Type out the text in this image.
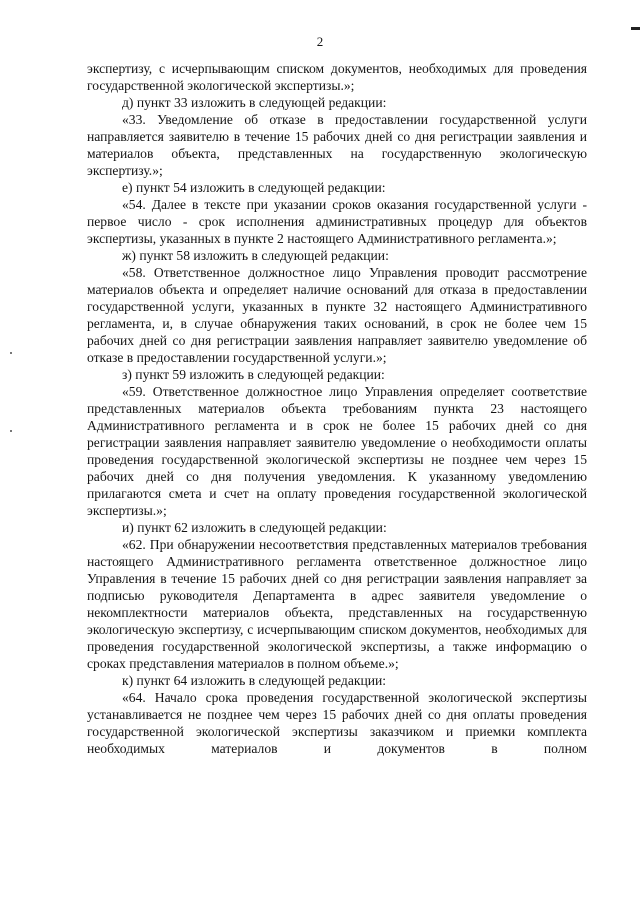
2

экспертизу, с исчерпывающим списком документов, необходимых для проведения государственной экологической экспертизы.»;

д) пункт 33 изложить в следующей редакции:

«33. Уведомление об отказе в предоставлении государственной услуги направляется заявителю в течение 15 рабочих дней со дня регистрации заявления и материалов объекта, представленных на государственную экологическую экспертизу.»;

е) пункт 54 изложить в следующей редакции:

«54. Далее в тексте при указании сроков оказания государственной услуги - первое число - срок исполнения административных процедур для объектов экспертизы, указанных в пункте 2 настоящего Административного регламента.»;

ж) пункт 58 изложить в следующей редакции:

«58. Ответственное должностное лицо Управления проводит рассмотрение материалов объекта и определяет наличие оснований для отказа в предоставлении государственной услуги, указанных в пункте 32 настоящего Административного регламента, и, в случае обнаружения таких оснований, в срок не более чем 15 рабочих дней со дня регистрации заявления направляет заявителю уведомление об отказе в предоставлении государственной услуги.»;

з) пункт 59 изложить в следующей редакции:

«59. Ответственное должностное лицо Управления определяет соответствие представленных материалов объекта требованиям пункта 23 настоящего Административного регламента и в срок не более 15 рабочих дней со дня регистрации заявления направляет заявителю уведомление о необходимости оплаты проведения государственной экологической экспертизы не позднее чем через 15 рабочих дней со дня получения уведомления. К указанному уведомлению прилагаются смета и счет на оплату проведения государственной экологической экспертизы.»;

и) пункт 62 изложить в следующей редакции:

«62. При обнаружении несоответствия представленных материалов требования настоящего Административного регламента ответственное должностное лицо Управления в течение 15 рабочих дней со дня регистрации заявления направляет за подписью руководителя Департамента в адрес заявителя уведомление о некомплектности материалов объекта, представленных на государственную экологическую экспертизу, с исчерпывающим списком документов, необходимых для проведения государственной экологической экспертизы, а также информацию о сроках представления материалов в полном объеме.»;

к) пункт 64 изложить в следующей редакции:

«64. Начало срока проведения государственной экологической экспертизы устанавливается не позднее чем через 15 рабочих дней со дня оплаты проведения государственной экологической экспертизы заказчиком и приемки комплекта необходимых материалов и документов в полном
